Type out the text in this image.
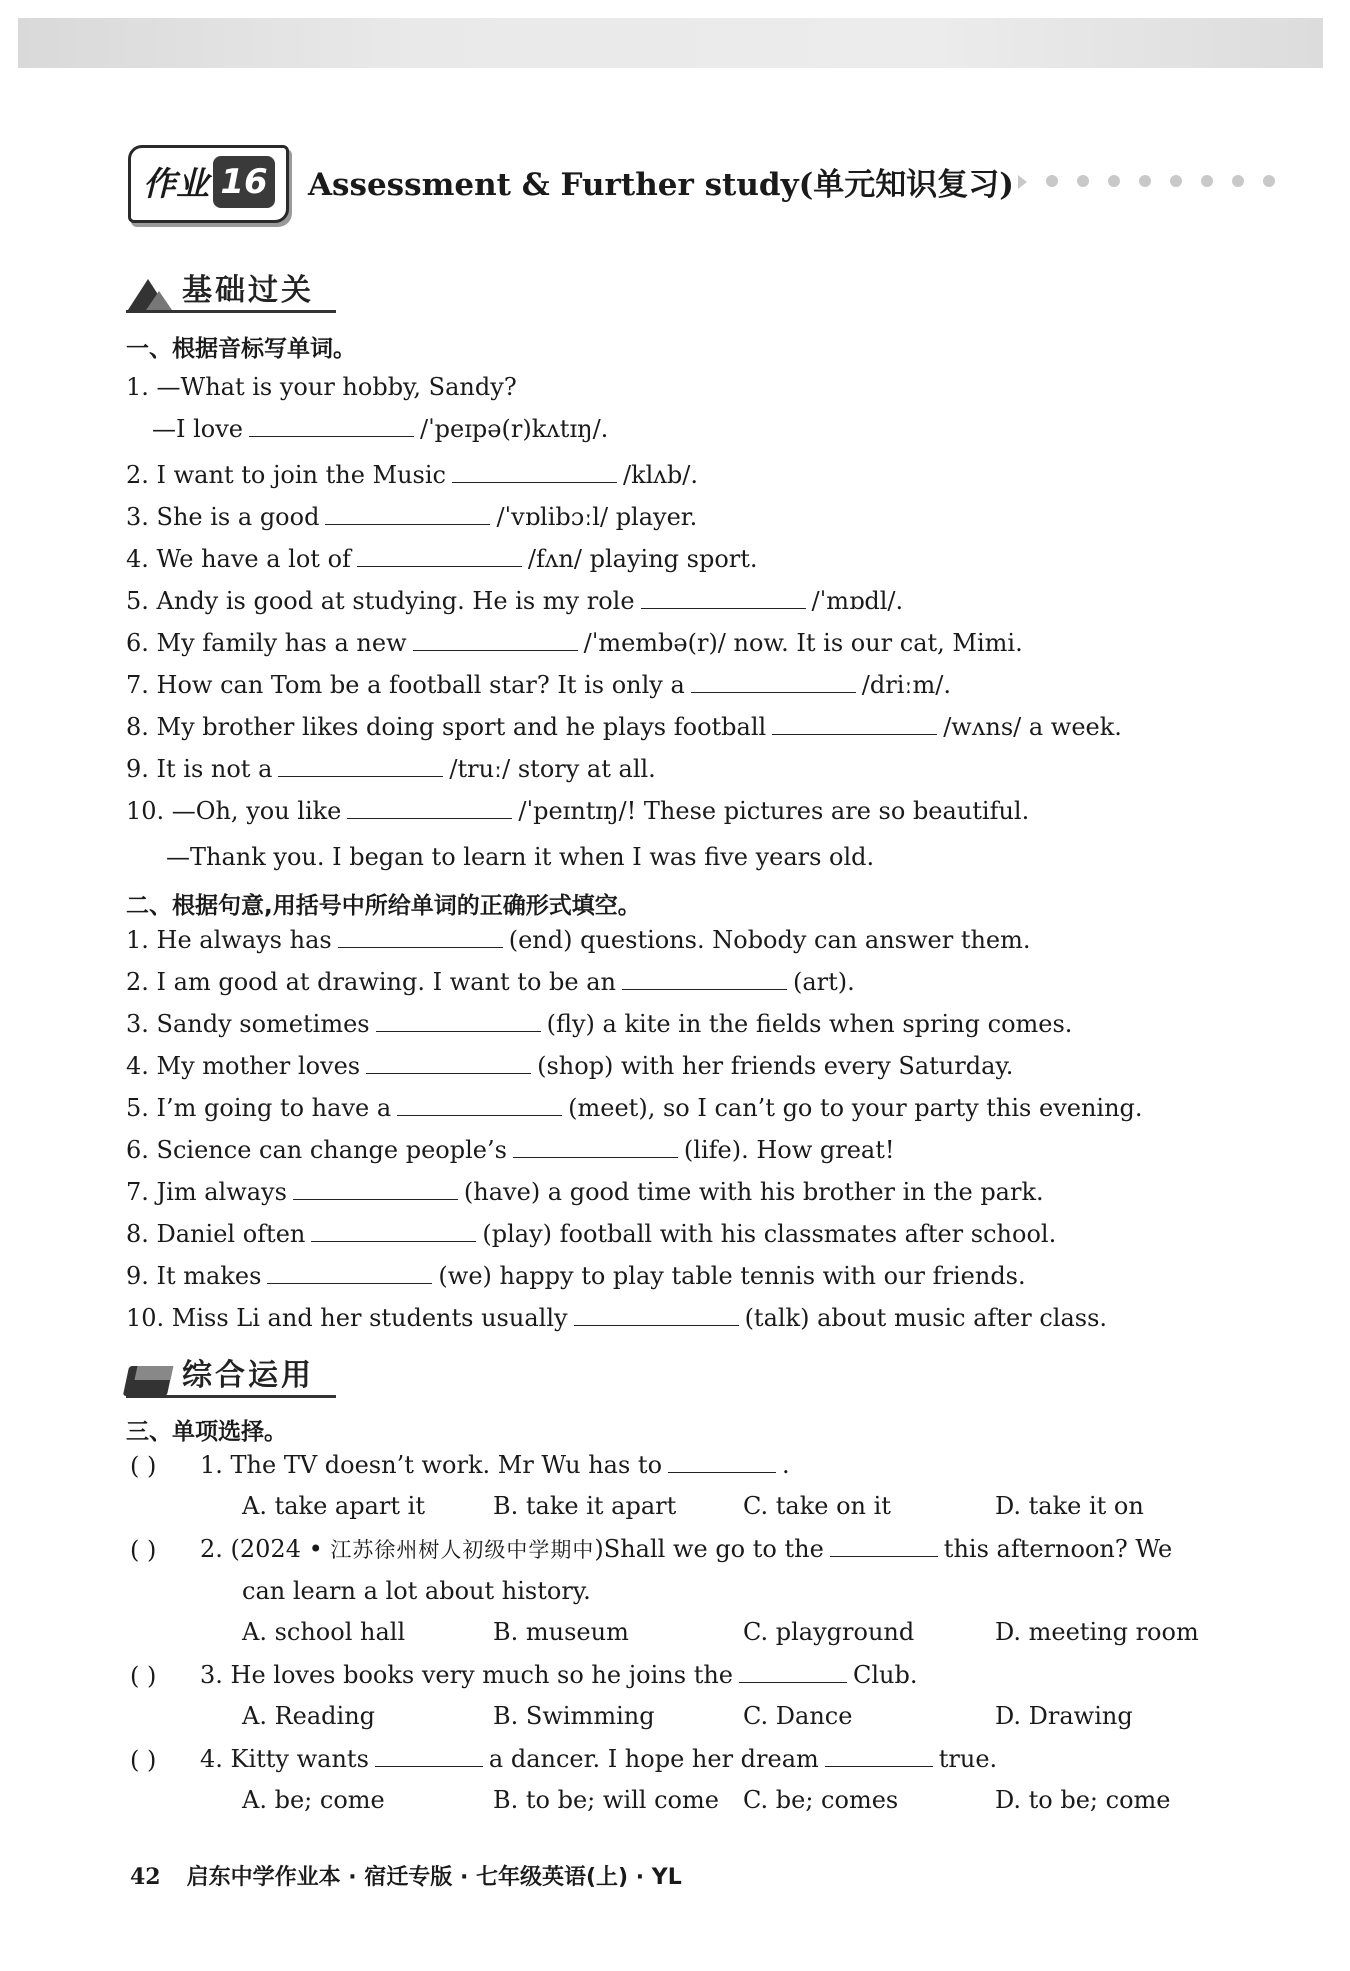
作业 16 Assessment & Further study(单元知识复习)
基础过关
一、根据音标写单词。
1. —What is your hobby, Sandy?
—I love	/ˈpeɪpə(r)kʌtɪŋ/.
2. I want to join the Music	/klʌb/.
3. She is a good	/ˈvɒlibɔːl/ player.
4. We have a lot of	/fʌn/ playing sport.
5. Andy is good at studying. He is my role	/ˈmɒdl/.
6. My family has a new	/ˈmembə(r)/ now. It is our cat, Mimi.
7. How can Tom be a football star? It is only a	/driːm/.
8. My brother likes doing sport and he plays football	/wʌns/ a week.
9. It is not a	/truː/ story at all.
10. —Oh, you like	/ˈpeɪntɪŋ/! These pictures are so beautiful.
—Thank you. I began to learn it when I was five years old.
二、根据句意,用括号中所给单词的正确形式填空。
1. He always has	(end) questions. Nobody can answer them.
2. I am good at drawing. I want to be an	(art).
3. Sandy sometimes	(fly) a kite in the fields when spring comes.
4. My mother loves	(shop) with her friends every Saturday.
5. I’m going to have a	(meet), so I can’t go to your party this evening.
6. Science can change people’s	(life). How great!
7. Jim always	(have) a good time with his brother in the park.
8. Daniel often	(play) football with his classmates after school.
9. It makes	(we) happy to play table tennis with our friends.
10. Miss Li and her students usually	(talk) about music after class.
综合运用
三、单项选择。
( ) 1. The TV doesn’t work. Mr Wu has to	.
A. take apart it	B. take it apart	C. take on it	D. take it on
( ) 2. (2024 • 江苏徐州树人初级中学期中)Shall we go to the	this afternoon? We
can learn a lot about history.
A. school hall	B. museum	C. playground	D. meeting room
( ) 3. He loves books very much so he joins the	Club.
A. Reading	B. Swimming	C. Dance	D. Drawing
( ) 4. Kitty wants	a dancer. I hope her dream	true.
A. be; come	B. to be; will come C. be; comes	D. to be; come
42 启东中学作业本 · 宿迁专版 · 七年级英语(上) · YL
